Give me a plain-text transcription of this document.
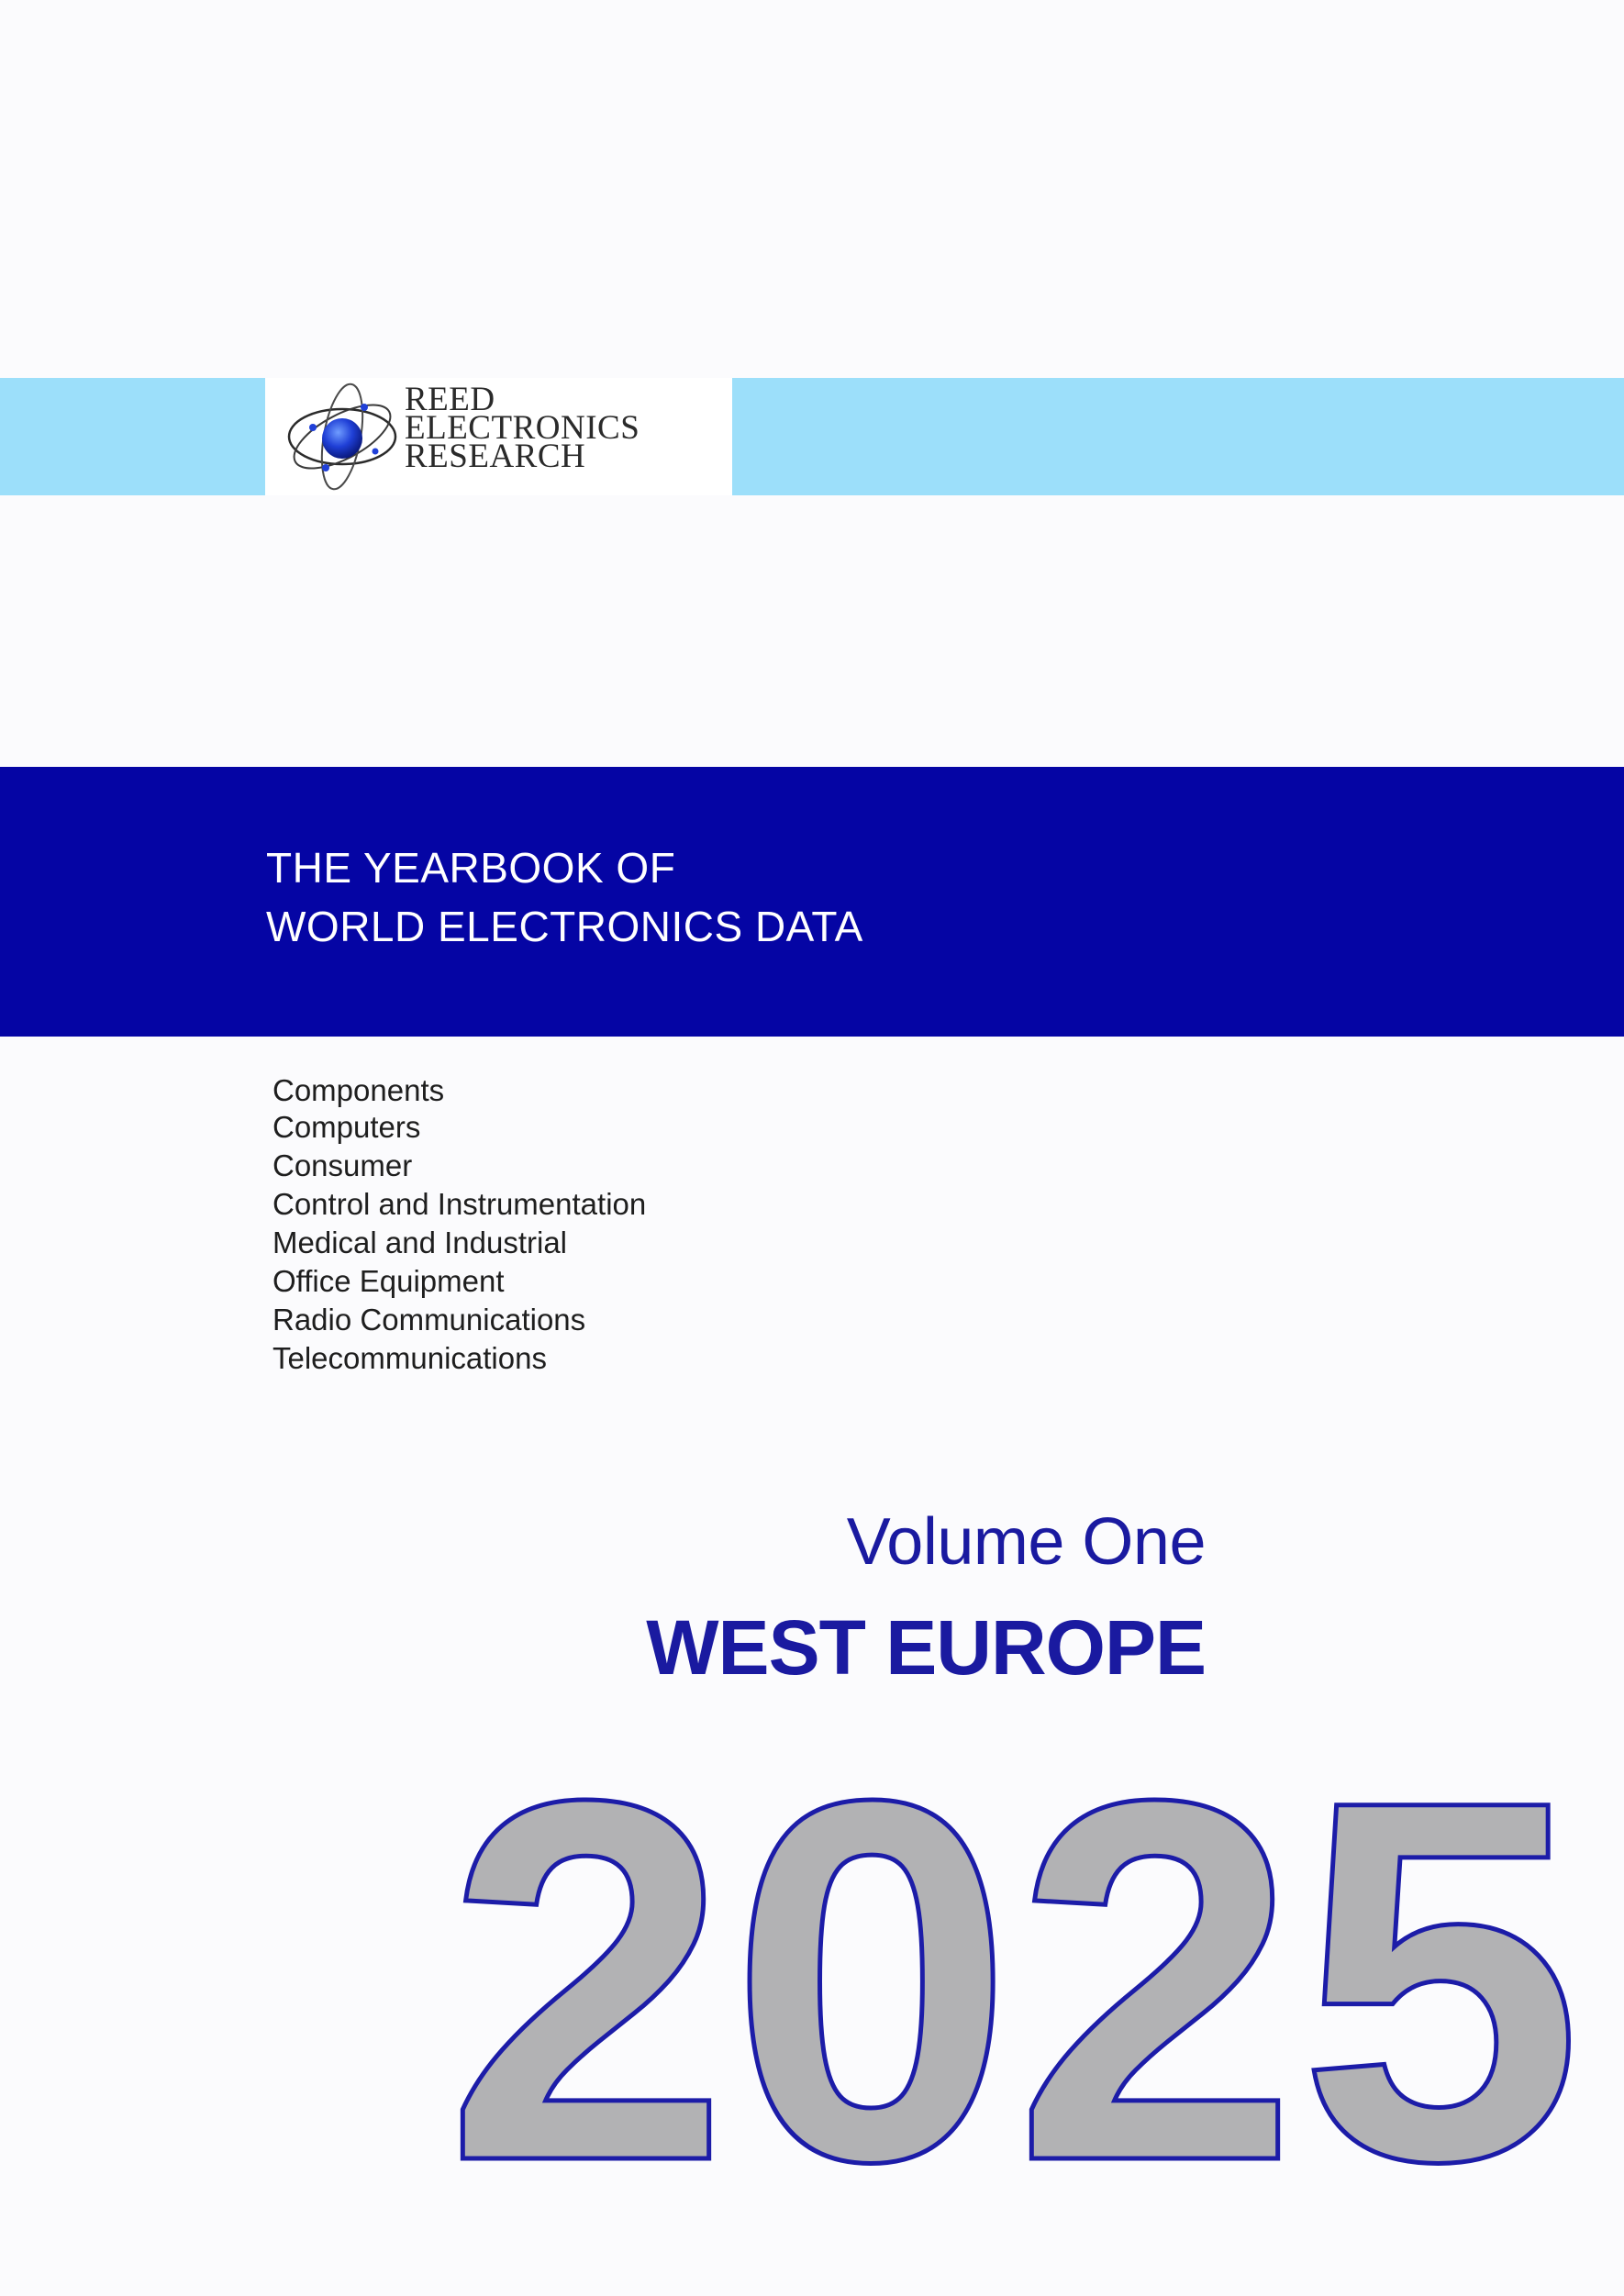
REED
ELECTRONICS
RESEARCH
THE YEARBOOK OF
WORLD ELECTRONICS DATA
Components
Computers
Consumer
Control and Instrumentation
Medical and Industrial
Office Equipment
Radio Communications
Telecommunications
Volume One
WEST EUROPE
2025
